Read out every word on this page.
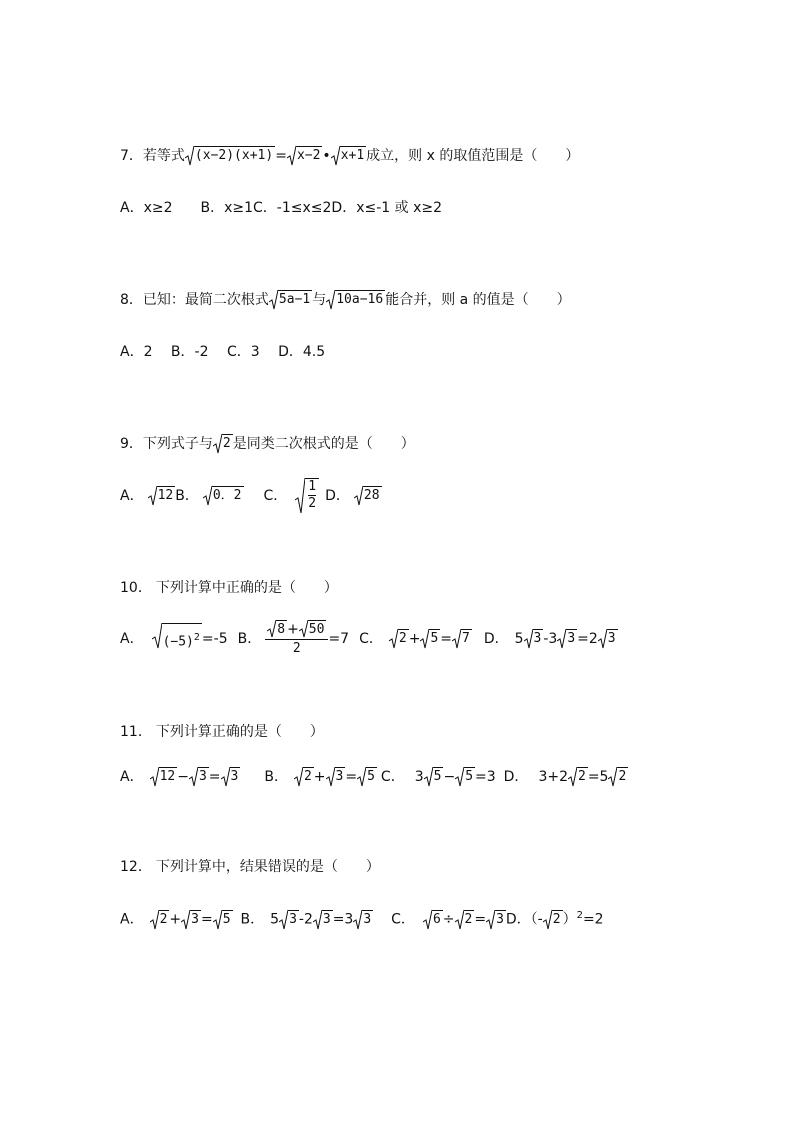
7．若等式 (x−2)(x+1) = x−2 • x+1 成立，则 x 的取值范围是（　　）
A．x≥2　　B．x≥1C．-1≤x≤2D．x≤-1 或 x≥2
8．已知：最简二次根式 5a−1 与 10a−16 能合并，则 a 的值是（　　）
A．2　 B．-2　 C．3　 D．4.5
9．下列式子与 2 是同类二次根式的是（　　）
A． 12 B． 0．2 C． $\frac{1}{2}$ D． 28
10． 下列计算中正确的是（　　）
A． $(-5)^2 =-5$ B． $\frac{8 + 50}{2} =7$ C． 2 + 5 = 7 D． 5 3 -3 3 =2 3
11． 下列计算正确的是（　　）
A． 12 − 3 = 3 B． 2 + 3 = 5 C． 3 5 − 5 =3 D． 3+2 2 =5 2
12． 下列计算中，结果错误的是（　　）
A． 2 + 3 = 5 B． 5 3 -2 3 =3 3 C． 6 ÷ 2 = 3 D．（- 2 ）$^2$=2
